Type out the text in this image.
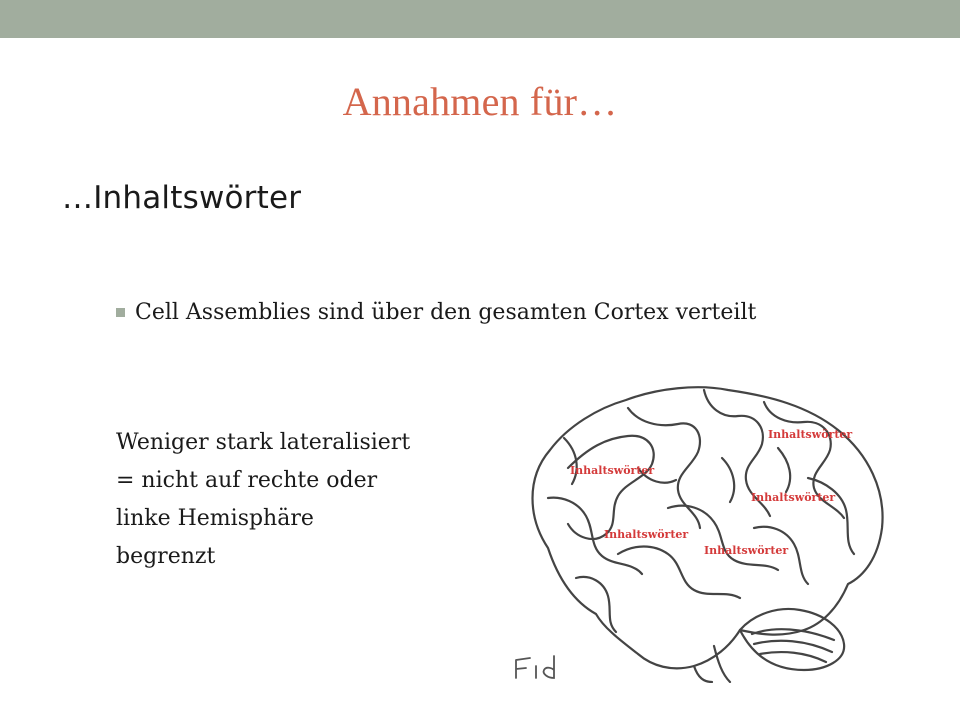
Annahmen für…
…Inhaltswörter
Cell Assemblies sind über den gesamten Cortex verteilt
Weniger stark lateralisiert
= nicht auf rechte oder
linke Hemisphäre
begrenzt
Inhaltswörter
Inhaltswörter
Inhaltswörter
Inhaltswörter
Inhaltswörter
